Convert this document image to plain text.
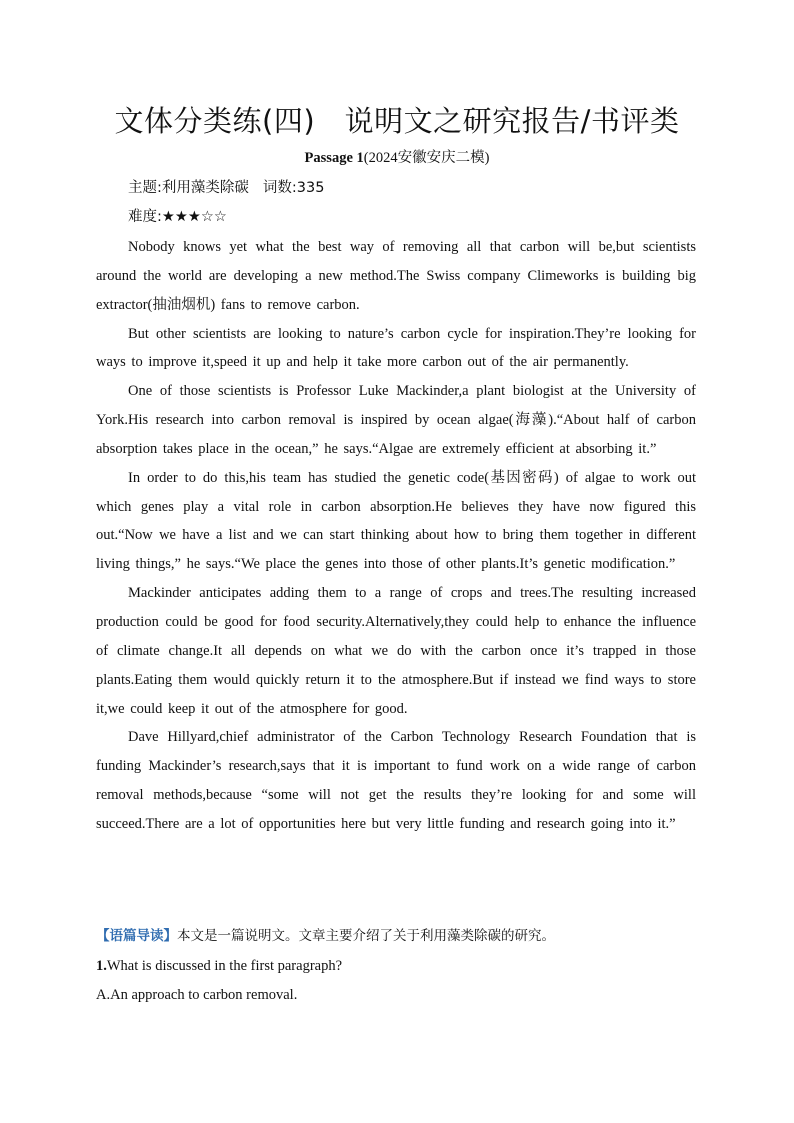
文体分类练(四)　说明文之研究报告/书评类
Passage 1(2024安徽安庆二模)
主题:利用藻类除碳 词数:335
难度:★★★☆☆

Nobody knows yet what the best way of removing all that carbon will be,but scientists around the world are developing a new method.The Swiss company Climeworks is building big extractor(抽油烟机) fans to remove carbon.

But other scientists are looking to nature’s carbon cycle for inspiration.They’re looking for ways to improve it,speed it up and help it take more carbon out of the air permanently.

One of those scientists is Professor Luke Mackinder,a plant biologist at the University of York.His research into carbon removal is inspired by ocean algae(海藻).“About half of carbon absorption takes place in the ocean,” he says.“Algae are extremely efficient at absorbing it.”

In order to do this,his team has studied the genetic code(基因密码) of algae to work out which genes play a vital role in carbon absorption.He believes they have now figured this out.“Now we have a list and we can start thinking about how to bring them together in different living things,” he says.“We place the genes into those of other plants.It’s genetic modification.”

Mackinder anticipates adding them to a range of crops and trees.The resulting increased production could be good for food security.Alternatively,they could help to enhance the influence of climate change.It all depends on what we do with the carbon once it’s trapped in those plants.Eating them would quickly return it to the atmosphere.But if instead we find ways to store it,we could keep it out of the atmosphere for good.

Dave Hillyard,chief administrator of the Carbon Technology Research Foundation that is funding Mackinder’s research,says that it is important to fund work on a wide range of carbon removal methods,because “some will not get the results they’re looking for and some will succeed.There are a lot of opportunities here but very little funding and research going into it.”

【语篇导读】本文是一篇说明文。文章主要介绍了关于利用藻类除碳的研究。
1.What is discussed in the first paragraph?
A.An approach to carbon removal.
